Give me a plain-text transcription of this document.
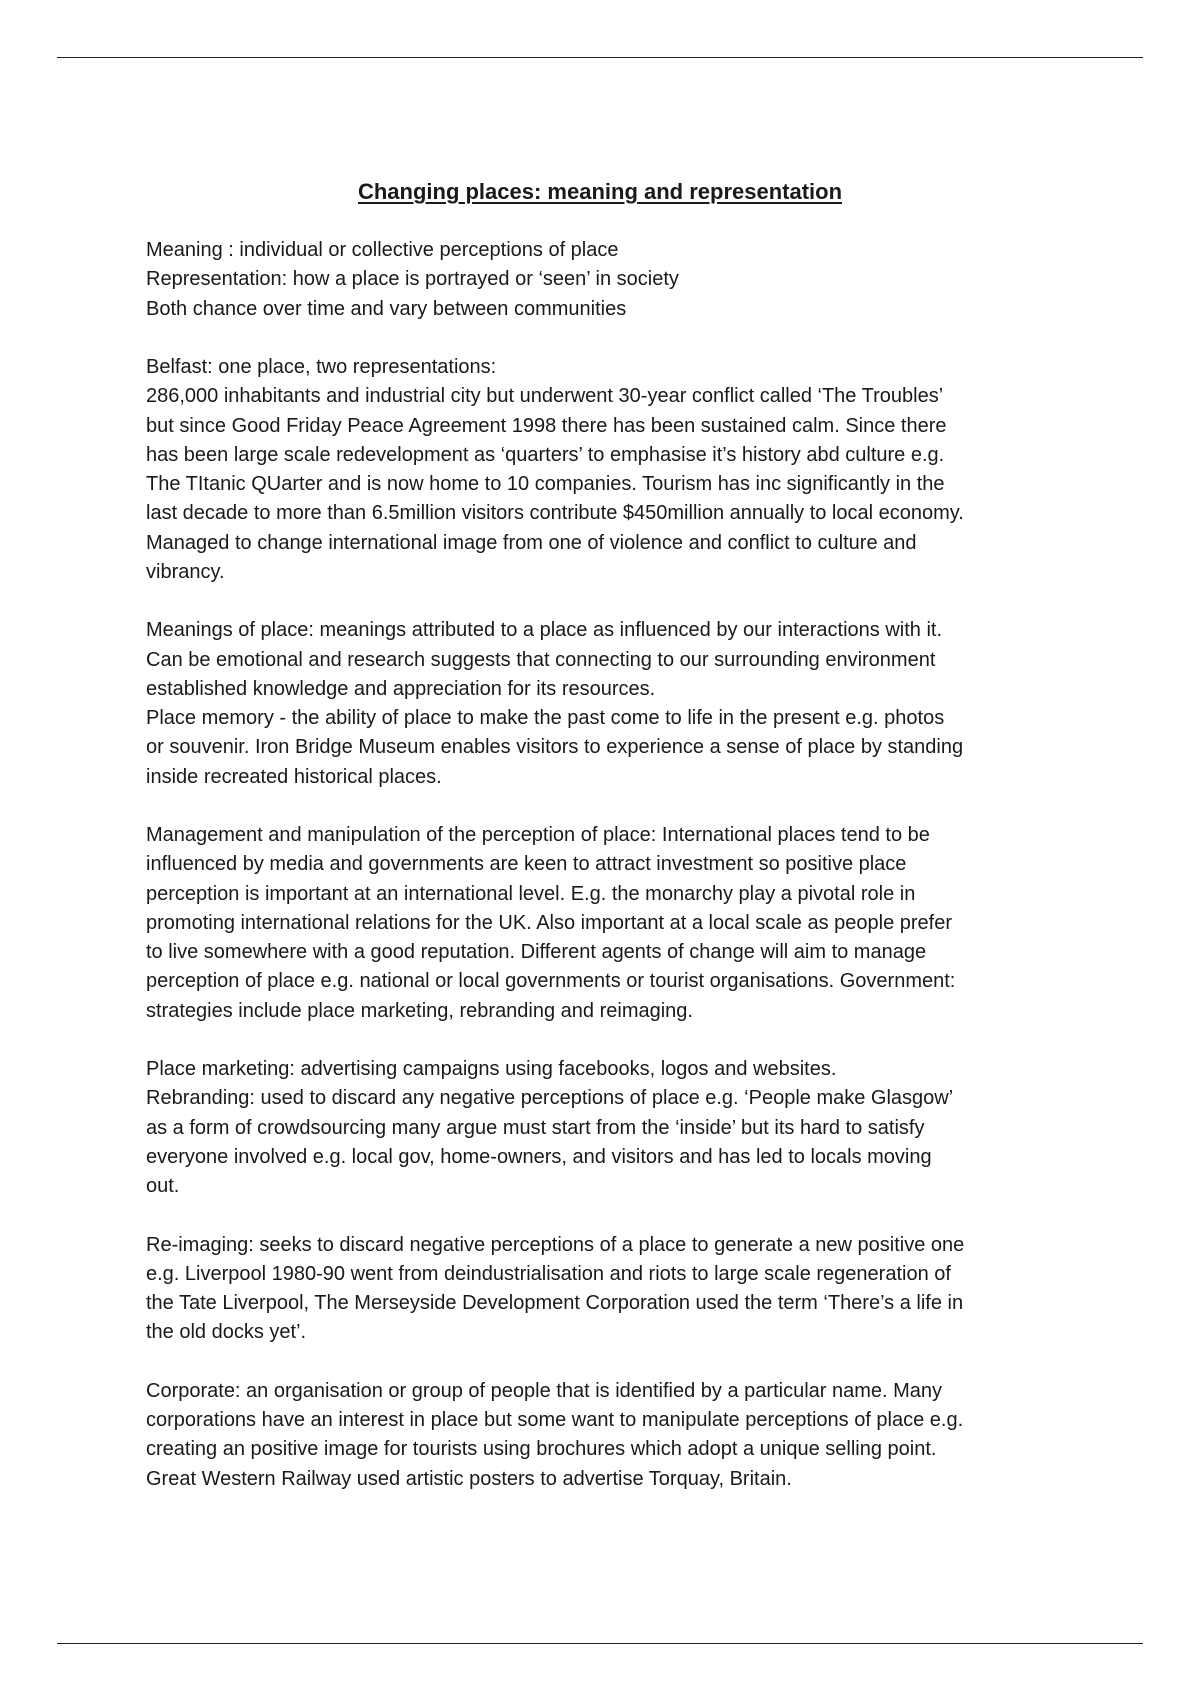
Changing places: meaning and representation

Meaning : individual or collective perceptions of place
Representation: how a place is portrayed or ‘seen’ in society
Both chance over time and vary between communities

Belfast: one place, two representations:
286,000 inhabitants and industrial city but underwent 30-year conflict called ‘The Troubles’
but since Good Friday Peace Agreement 1998 there has been sustained calm. Since there
has been large scale redevelopment as ‘quarters’ to emphasise it’s history abd culture e.g.
The TItanic QUarter and is now home to 10 companies. Tourism has inc significantly in the
last decade to more than 6.5million visitors contribute $450million annually to local economy.
Managed to change international image from one of violence and conflict to culture and
vibrancy.

Meanings of place: meanings attributed to a place as influenced by our interactions with it.
Can be emotional and research suggests that connecting to our surrounding environment
established knowledge and appreciation for its resources.
Place memory - the ability of place to make the past come to life in the present e.g. photos
or souvenir. Iron Bridge Museum enables visitors to experience a sense of place by standing
inside recreated historical places.

Management and manipulation of the perception of place: International places tend to be
influenced by media and governments are keen to attract investment so positive place
perception is important at an international level. E.g. the monarchy play a pivotal role in
promoting international relations for the UK. Also important at a local scale as people prefer
to live somewhere with a good reputation. Different agents of change will aim to manage
perception of place e.g. national or local governments or tourist organisations. Government:
strategies include place marketing, rebranding and reimaging.

Place marketing: advertising campaigns using facebooks, logos and websites.
Rebranding: used to discard any negative perceptions of place e.g. ‘People make Glasgow’
as a form of crowdsourcing many argue must start from the ‘inside’ but its hard to satisfy
everyone involved e.g. local gov, home-owners, and visitors and has led to locals moving
out.

Re-imaging: seeks to discard negative perceptions of a place to generate a new positive one
e.g. Liverpool 1980-90 went from deindustrialisation and riots to large scale regeneration of
the Tate Liverpool, The Merseyside Development Corporation used the term ‘There’s a life in
the old docks yet’.

Corporate: an organisation or group of people that is identified by a particular name. Many
corporations have an interest in place but some want to manipulate perceptions of place e.g.
creating an positive image for tourists using brochures which adopt a unique selling point.
Great Western Railway used artistic posters to advertise Torquay, Britain.
